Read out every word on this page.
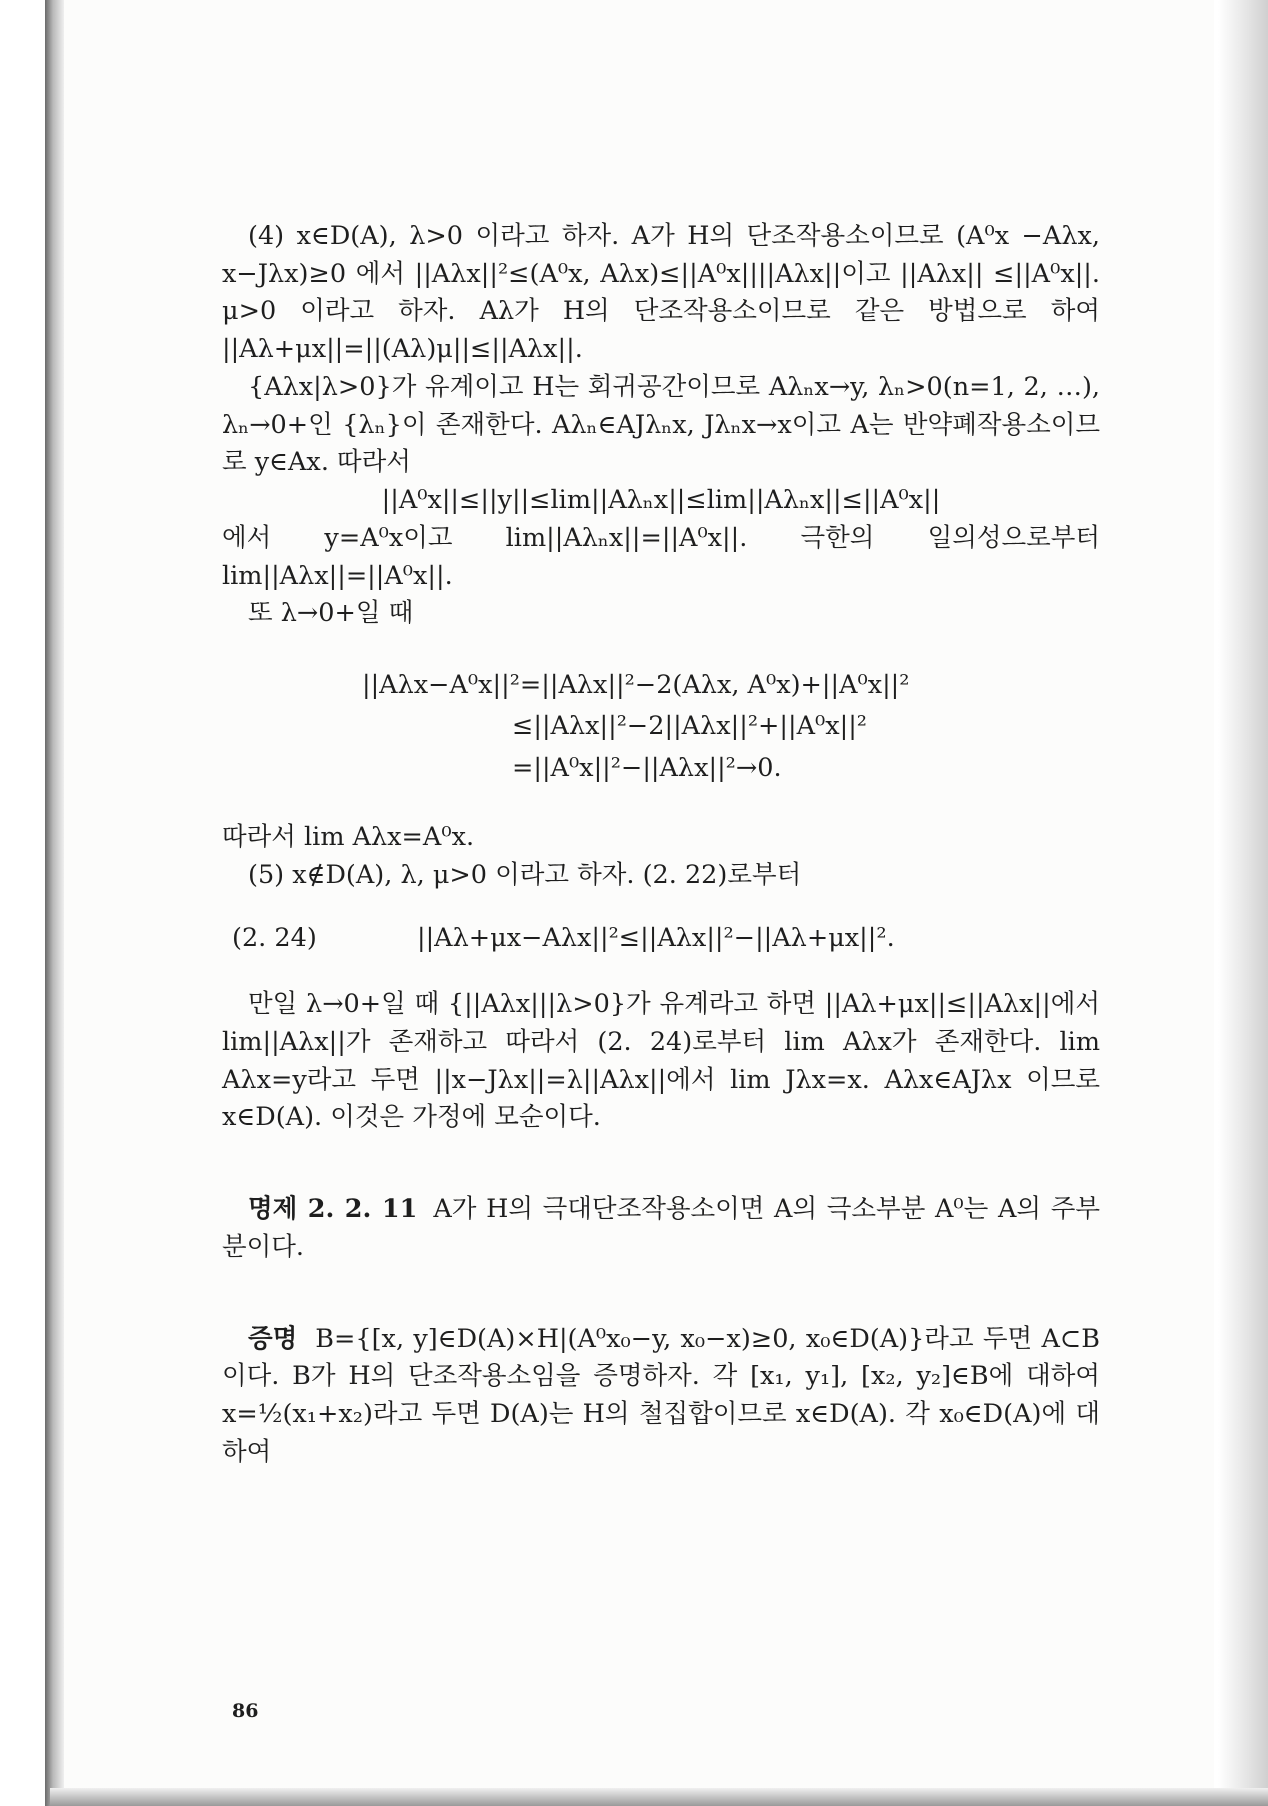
(4) x∈D(A), λ>0 이라고 하자. A가 H의 단조작용소이므로 (A⁰x −Aλx, x−Jλx)≥0 에서 ||Aλx||²≤(A⁰x, Aλx)≤||A⁰x||||Aλx||이고 ||Aλx|| ≤||A⁰x||. μ>0 이라고 하자. Aλ가 H의 단조작용소이므로 같은 방법으로 하여 ||Aλ+μx||=||(Aλ)μ||≤||Aλx||.

{Aλx|λ>0}가 유계이고 H는 회귀공간이므로 Aλₙx→y, λₙ>0(n=1, 2, …), λₙ→0+인 {λₙ}이 존재한다. Aλₙ∈AJλₙx, Jλₙx→x이고 A는 반약폐작용소이므로 y∈Ax. 따라서

||A⁰x||≤||y||≤lim||Aλₙx||≤lim||Aλₙx||≤||A⁰x||

에서 y=A⁰x이고 lim||Aλₙx||=||A⁰x||. 극한의 일의성으로부터 lim||Aλx||=||A⁰x||.

또 λ→0+일 때

||Aλx−A⁰x||²=||Aλx||²−2(Aλx, A⁰x)+||A⁰x||²
≤||Aλx||²−2||Aλx||²+||A⁰x||²
=||A⁰x||²−||Aλx||²→0.

따라서 lim Aλx=A⁰x.

(5) x∉D(A), λ, μ>0 이라고 하자. (2. 22)로부터

(2. 24)	||Aλ+μx−Aλx||²≤||Aλx||²−||Aλ+μx||².

만일 λ→0+일 때 {||Aλx|||λ>0}가 유계라고 하면 ||Aλ+μx||≤||Aλx||에서 lim||Aλx||가 존재하고 따라서 (2. 24)로부터 lim Aλx가 존재한다. lim Aλx=y라고 두면 ||x−Jλx||=λ||Aλx||에서 lim Jλx=x. Aλx∈AJλx 이므로 x∈D(A). 이것은 가정에 모순이다.

명제 2. 2. 11 A가 H의 극대단조작용소이면 A의 극소부분 A⁰는 A의 주부분이다.

증명 B={[x, y]∈D(A)×H|(A⁰x₀−y, x₀−x)≥0, x₀∈D(A)}라고 두면 A⊂B이다. B가 H의 단조작용소임을 증명하자. 각 [x₁, y₁], [x₂, y₂]∈B에 대하여 x=½(x₁+x₂)라고 두면 D(A)는 H의 철집합이므로 x∈D(A). 각 x₀∈D(A)에 대하여

86
